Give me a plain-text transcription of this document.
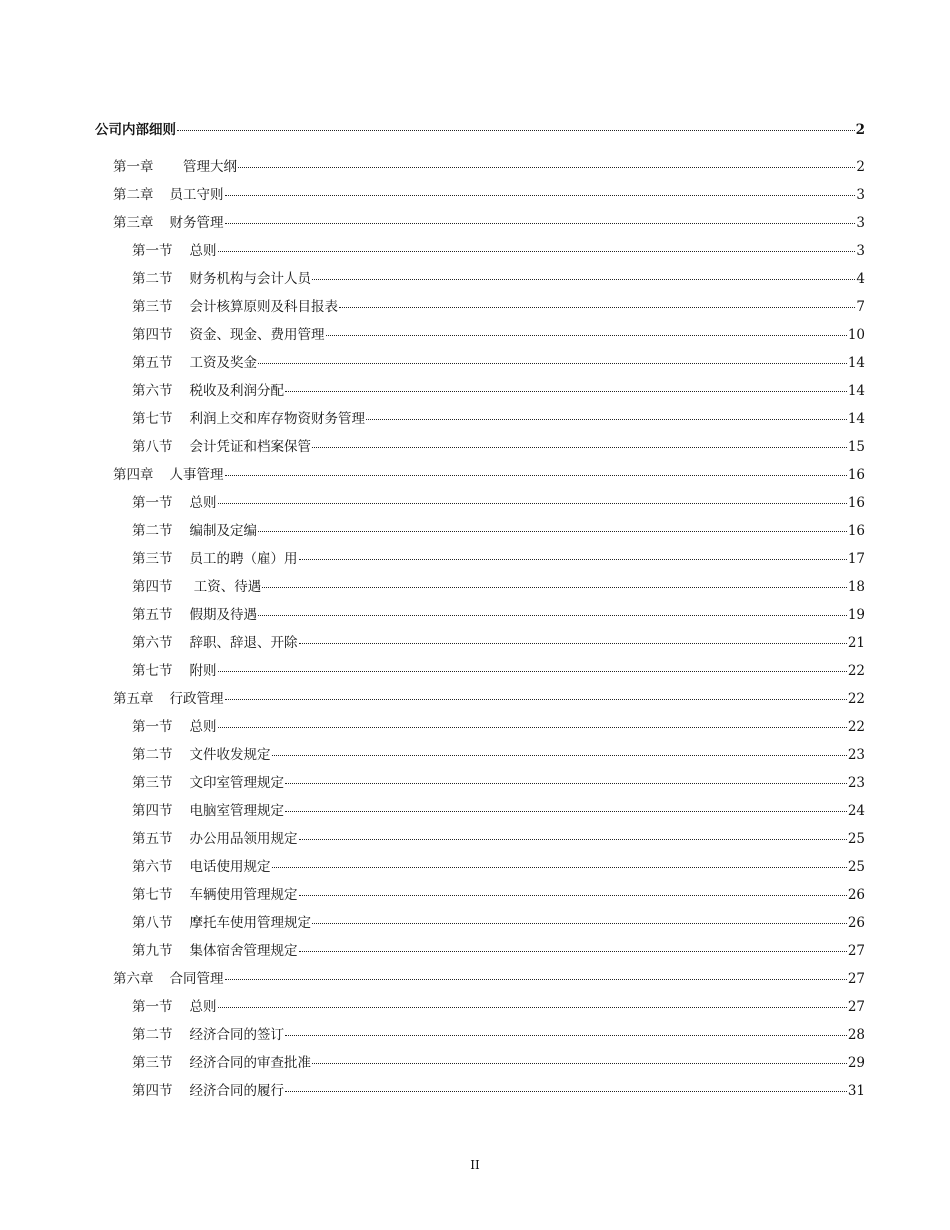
公司内部细则	2
第一章 　管理大纲	2
第二章 员工守则	3
第三章 财务管理	3
第一节 总则	3
第二节 财务机构与会计人员	4
第三节 会计核算原则及科目报表	7
第四节 资金、现金、费用管理	10
第五节 工资及奖金	14
第六节 税收及利润分配	14
第七节 利润上交和库存物资财务管理	14
第八节 会计凭证和档案保管	15
第四章 人事管理	16
第一节 总则	16
第二节 编制及定编	16
第三节 员工的聘（雇）用	17
第四节 工资、待遇	18
第五节 假期及待遇	19
第六节 辞职、辞退、开除	21
第七节 附则	22
第五章 行政管理	22
第一节 总则	22
第二节 文件收发规定	23
第三节 文印室管理规定	23
第四节 电脑室管理规定	24
第五节 办公用品领用规定	25
第六节 电话使用规定	25
第七节 车辆使用管理规定	26
第八节 摩托车使用管理规定	26
第九节 集体宿舍管理规定	27
第六章 合同管理	27
第一节 总则	27
第二节 经济合同的签订	28
第三节 经济合同的审查批准	29
第四节 经济合同的履行	31
II
